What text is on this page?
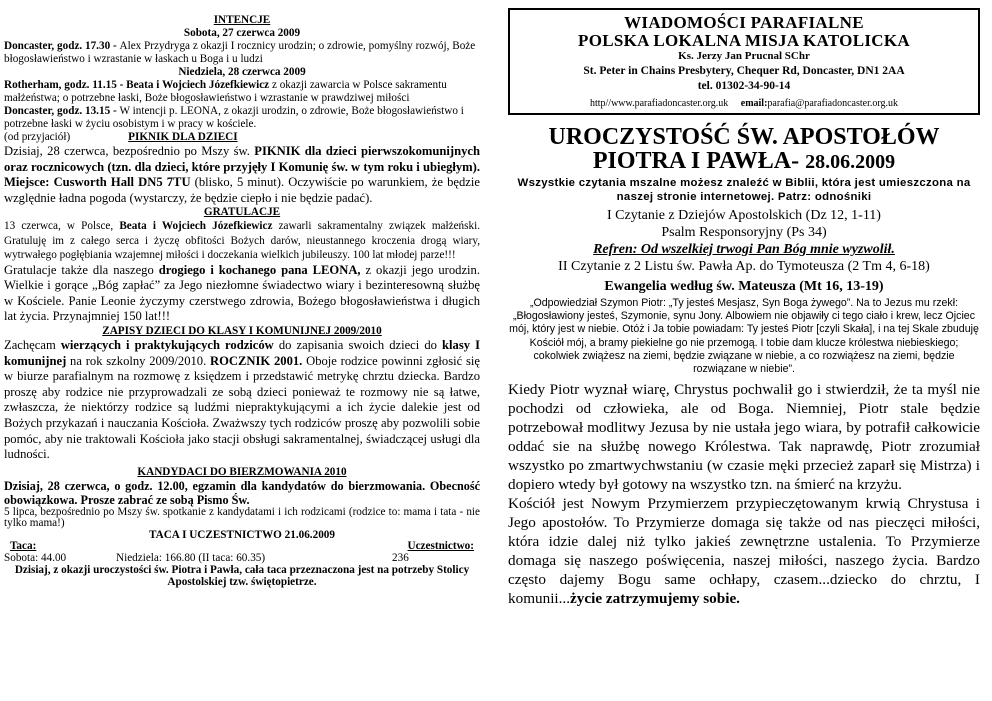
INTENCJE
Sobota, 27 czerwca 2009

Doncaster, godz. 17.30 - Alex Przydryga z okazji I rocznicy urodzin; o zdrowie, pomyślny rozwój, Boże błogosławieństwo i wzrastanie w łaskach u Boga i u ludzi

Niedziela, 28 czerwca 2009

Rotherham, godz. 11.15 - Beata i Wojciech Józefkiewicz z okazji zawarcia w Polsce sakramentu małżeństwa; o potrzebne łaski, Boże błogosławieństwo i wzrastanie w prawdziwej miłości

Doncaster, godz. 13.15 - W intencji p. LEONA, z okazji urodzin, o zdrowie, Boże błogosławieństwo i potrzebne łaski w życiu osobistym i w pracy w kościele.

(od przyjaciół)	PIKNIK DLA DZIECI

Dzisiaj, 28 czerwca, bezpośrednio po Mszy św. PIKNIK dla dzieci pierwszokomunijnych oraz rocznicowych (tzn. dla dzieci, które przyjęły I Komunię św. w tym roku i ubiegłym). Miejsce: Cusworth Hall DN5 7TU (blisko, 5 minut). Oczywiście po warunkiem, że będzie względnie ładna pogoda (wystarczy, że będzie ciepło i nie będzie padać).

GRATULACJE

13 czerwca, w Polsce, Beata i Wojciech Józefkiewicz zawarli sakramentalny związek małżeński. Gratuluję im z całego serca i życzę obfitości Bożych darów, nieustannego kroczenia drogą wiary, wytrwałego pogłębiania wzajemnej miłości i doczekania wielkich jubileuszy. 100 lat młodej parze!!!

Gratulacje także dla naszego drogiego i kochanego pana LEONA, z okazji jego urodzin. Wielkie i gorące „Bóg zapłać” za Jego niezłomne świadectwo wiary i bezinteresowną służbę w Kościele. Panie Leonie życzymy czerstwego zdrowia, Bożego błogosławieństwa i długich lat życia. Przynajmniej 150 lat!!!

ZAPISY DZIECI DO KLASY I KOMUNIJNEJ 2009/2010

Zachęcam wierzących i praktykujących rodziców do zapisania swoich dzieci do klasy I komunijnej na rok szkolny 2009/2010. ROCZNIK 2001. Oboje rodzice powinni zgłosić się w biurze parafialnym na rozmowę z księdzem i przedstawić metrykę chrztu dziecka. Bardzo proszę aby rodzice nie przyprowadzali ze sobą dzieci ponieważ te rozmowy nie są łatwe, zwłaszcza, że niektórzy rodzice są ludźmi niepraktykującymi a ich życie dalekie jest od Bożych przykazań i nauczania Kościoła. Zważwszy tych rodziców proszę aby pozwolili sobie pomóc, aby nie traktowali Kościoła jako stacji obsługi sakramentalnej, świadczącej usługi dla ludności.

KANDYDACI DO BIERZMOWANIA 2010

Dzisiaj, 28 czerwca, o godz. 12.00, egzamin dla kandydatów do bierzmowania. Obecność obowiązkowa. Prosze zabrać ze sobą Pismo Św.

5 lipca, bezpośrednio po Mszy św. spotkanie z kandydatami i ich rodzicami (rodzice to: mama i tata - nie tylko mama!)

TACA I UCZESTNICTWO 21.06.2009
Taca:	Uczestnictwo:
Sobota: 44.00	Niedziela: 166.80 (II taca: 60.35)	236

Dzisiaj, z okazji uroczystości św. Piotra i Pawła, cała taca przeznaczona jest na potrzeby Stolicy Apostolskiej tzw. świętopietrze.

WIADOMOŚCI PARAFIALNE
POLSKA LOKALNA MISJA KATOLICKA
Ks. Jerzy Jan Prucnal SChr
St. Peter in Chains Presbytery, Chequer Rd, Doncaster, DN1 2AA
tel. 01302-34-90-14
http//www.parafiadoncaster.org.uk email:parafia@parafiadoncaster.org.uk
UROCZYSTOŚĆ ŚW. APOSTOŁÓW
PIOTRA I PAWŁA- 28.06.2009

Wszystkie czytania mszalne możesz znaleźć w Biblii, która jest umieszczona na naszej stronie internetowej. Patrz: odnośniki

I Czytanie z Dziejów Apostolskich (Dz 12, 1-11)
Psalm Responsoryjny (Ps 34)
Refren: Od wszelkiej trwogi Pan Bóg mnie wyzwolił.
II Czytanie z 2 Listu św. Pawła Ap. do Tymoteusza (2 Tm 4, 6-18)
Ewangelia według św. Mateusza (Mt 16, 13-19)

„Odpowiedział Szymon Piotr: „Ty jesteś Mesjasz, Syn Boga żywego”. Na to Jezus mu rzekł: „Błogosławiony jesteś, Szymonie, synu Jony. Albowiem nie objawiły ci tego ciało i krew, lecz Ojciec mój, który jest w niebie. Otóż i Ja tobie powiadam: Ty jesteś Piotr [czyli Skała], i na tej Skale zbuduję Kościół mój, a bramy piekielne go nie przemogą. I tobie dam klucze królestwa niebieskiego; cokolwiek zwiążesz na ziemi, będzie związane w niebie, a co rozwiążesz na ziemi, będzie rozwiązane w niebie”.

Kiedy Piotr wyznał wiarę, Chrystus pochwalił go i stwierdził, że ta myśl nie pochodzi od człowieka, ale od Boga. Niemniej, Piotr stale będzie potrzebował modlitwy Jezusa by nie ustała jego wiara, by potrafił całkowicie oddać sie na służbę nowego Królestwa. Tak naprawdę, Piotr zrozumiał wszystko po zmartwychwstaniu (w czasie męki przecież zaparł się Mistrza) i dopiero wtedy był gotowy na wszystko tzn. na śmierć na krzyżu.

Kościół jest Nowym Przymierzem przypieczętowanym krwią Chrystusa i Jego apostołów. To Przymierze domaga się także od nas pieczęci miłości, która idzie dalej niż tylko jakieś zewnętrzne ustalenia. To Przymierze domaga się naszego poświęcenia, naszej miłości, naszego życia. Bardzo często dajemy Bogu same ochłapy, czasem...dziecko do chrztu, I komunii...życie zatrzymujemy sobie.
